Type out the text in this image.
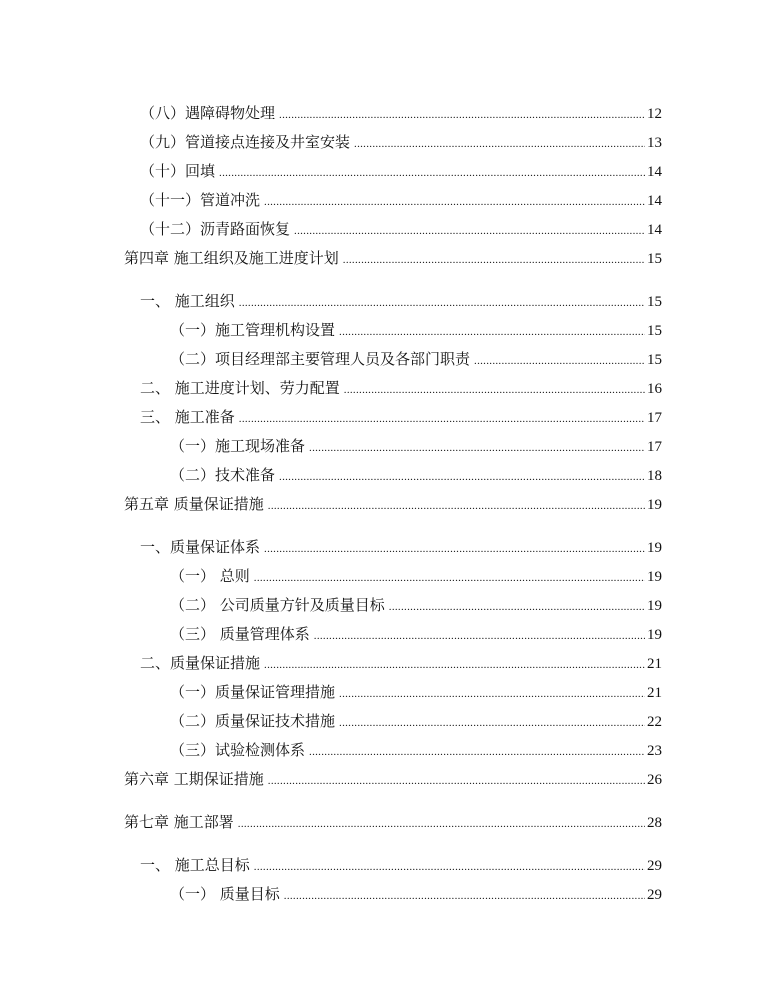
（八）遇障碍物处理 .....	12
（九）管道接点连接及井室安装 .....	13
（十）回填 .....	14
（十一）管道冲洗 .....	14
（十二）沥青路面恢复 .....	14
第四章 施工组织及施工进度计划 .....	15
一、 施工组织 .....	15
（一）施工管理机构设置 .....	15
（二）项目经理部主要管理人员及各部门职责 .....	15
二、 施工进度计划、劳力配置 .....	16
三、 施工准备 .....	17
（一）施工现场准备 .....	17
（二）技术准备 .....	18
第五章 质量保证措施 .....	19
一、质量保证体系 .....	19
（一） 总则 .....	19
（二） 公司质量方针及质量目标 .....	19
（三） 质量管理体系 .....	19
二、质量保证措施 .....	21
（一）质量保证管理措施 .....	21
（二）质量保证技术措施 .....	22
（三）试验检测体系 .....	23
第六章 工期保证措施 .....	26
第七章 施工部署 .....	28
一、 施工总目标 .....	29
（一） 质量目标 .....	29
